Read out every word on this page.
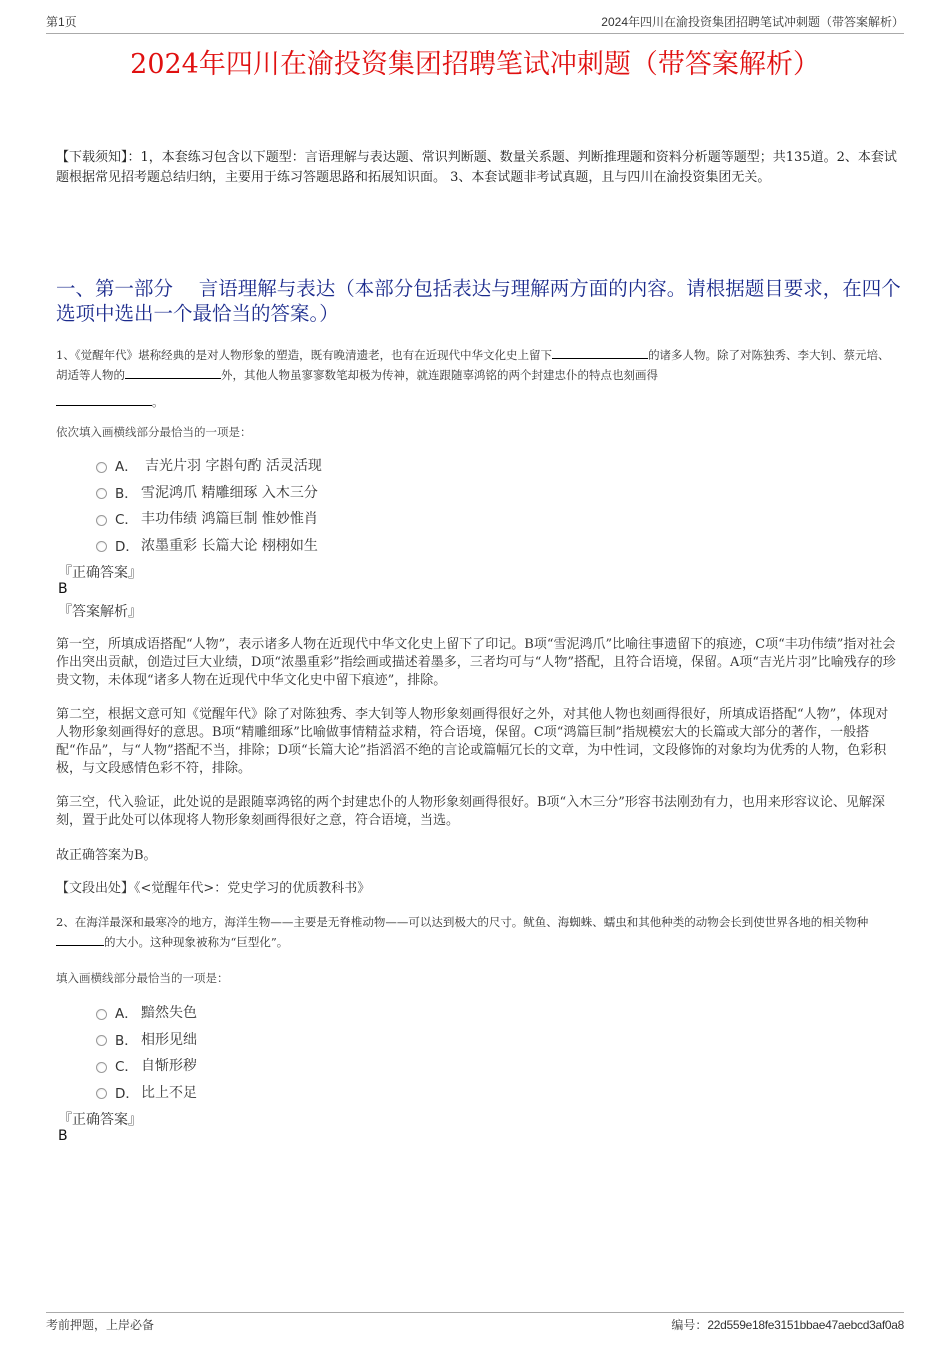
第1页	2024年四川在渝投资集团招聘笔试冲刺题（带答案解析）
2024年四川在渝投资集团招聘笔试冲刺题（带答案解析）
【下载须知】：1，本套练习包含以下题型：言语理解与表达题、常识判断题、数量关系题、判断推理题和资料分析题等题型；共135道。2、本套试题根据常见招考题总结归纳，主要用于练习答题思路和拓展知识面。 3、本套试题非考试真题，且与四川在渝投资集团无关。
一、第一部分　 言语理解与表达（本部分包括表达与理解两方面的内容。请根据题目要求，在四个选项中选出一个最恰当的答案。）
1、《觉醒年代》堪称经典的是对人物形象的塑造，既有晚清遗老，也有在近现代中华文化史上留下	的诸多人物。除了对陈独秀、李大钊、蔡元培、胡适等人物的	外，其他人物虽寥寥数笔却极为传神，就连跟随辜鸿铭的两个封建忠仆的特点也刻画得
。
依次填入画横线部分最恰当的一项是：
A． 吉光片羽 字斟句酌 活灵活现
B． 雪泥鸿爪 精雕细琢 入木三分
C． 丰功伟绩 鸿篇巨制 惟妙惟肖
D． 浓墨重彩 长篇大论 栩栩如生
『正确答案』
B
『答案解析』
第一空，所填成语搭配“人物”，表示诸多人物在近现代中华文化史上留下了印记。B项“雪泥鸿爪”比喻往事遗留下的痕迹，C项“丰功伟绩”指对社会作出突出贡献，创造过巨大业绩，D项“浓墨重彩”指绘画或描述着墨多，三者均可与“人物”搭配，且符合语境，保留。A项“吉光片羽”比喻残存的珍贵文物，未体现“诸多人物在近现代中华文化史中留下痕迹”，排除。
第二空，根据文意可知《觉醒年代》除了对陈独秀、李大钊等人物形象刻画得很好之外，对其他人物也刻画得很好，所填成语搭配“人物”，体现对人物形象刻画得好的意思。B项“精雕细琢”比喻做事情精益求精，符合语境，保留。C项“鸿篇巨制”指规模宏大的长篇或大部分的著作，一般搭配“作品”，与“人物”搭配不当，排除；D项“长篇大论”指滔滔不绝的言论或篇幅冗长的文章，为中性词，文段修饰的对象均为优秀的人物，色彩积极，与文段感情色彩不符，排除。
第三空，代入验证，此处说的是跟随辜鸿铭的两个封建忠仆的人物形象刻画得很好。B项“入木三分”形容书法刚劲有力，也用来形容议论、见解深刻，置于此处可以体现将人物形象刻画得很好之意，符合语境，当选。
故正确答案为B。
【文段出处】《<觉醒年代>：党史学习的优质教科书》
2、在海洋最深和最寒冷的地方，海洋生物——主要是无脊椎动物——可以达到极大的尺寸。鱿鱼、海蜘蛛、蠕虫和其他种类的动物会长到使世界各地的相关物种的大小。这种现象被称为“巨型化”。
填入画横线部分最恰当的一项是：
A． 黯然失色
B． 相形见绌
C． 自惭形秽
D． 比上不足
『正确答案』
B
考前押题，上岸必备	编号：22d559e18fe3151bbae47aebcd3af0a8
